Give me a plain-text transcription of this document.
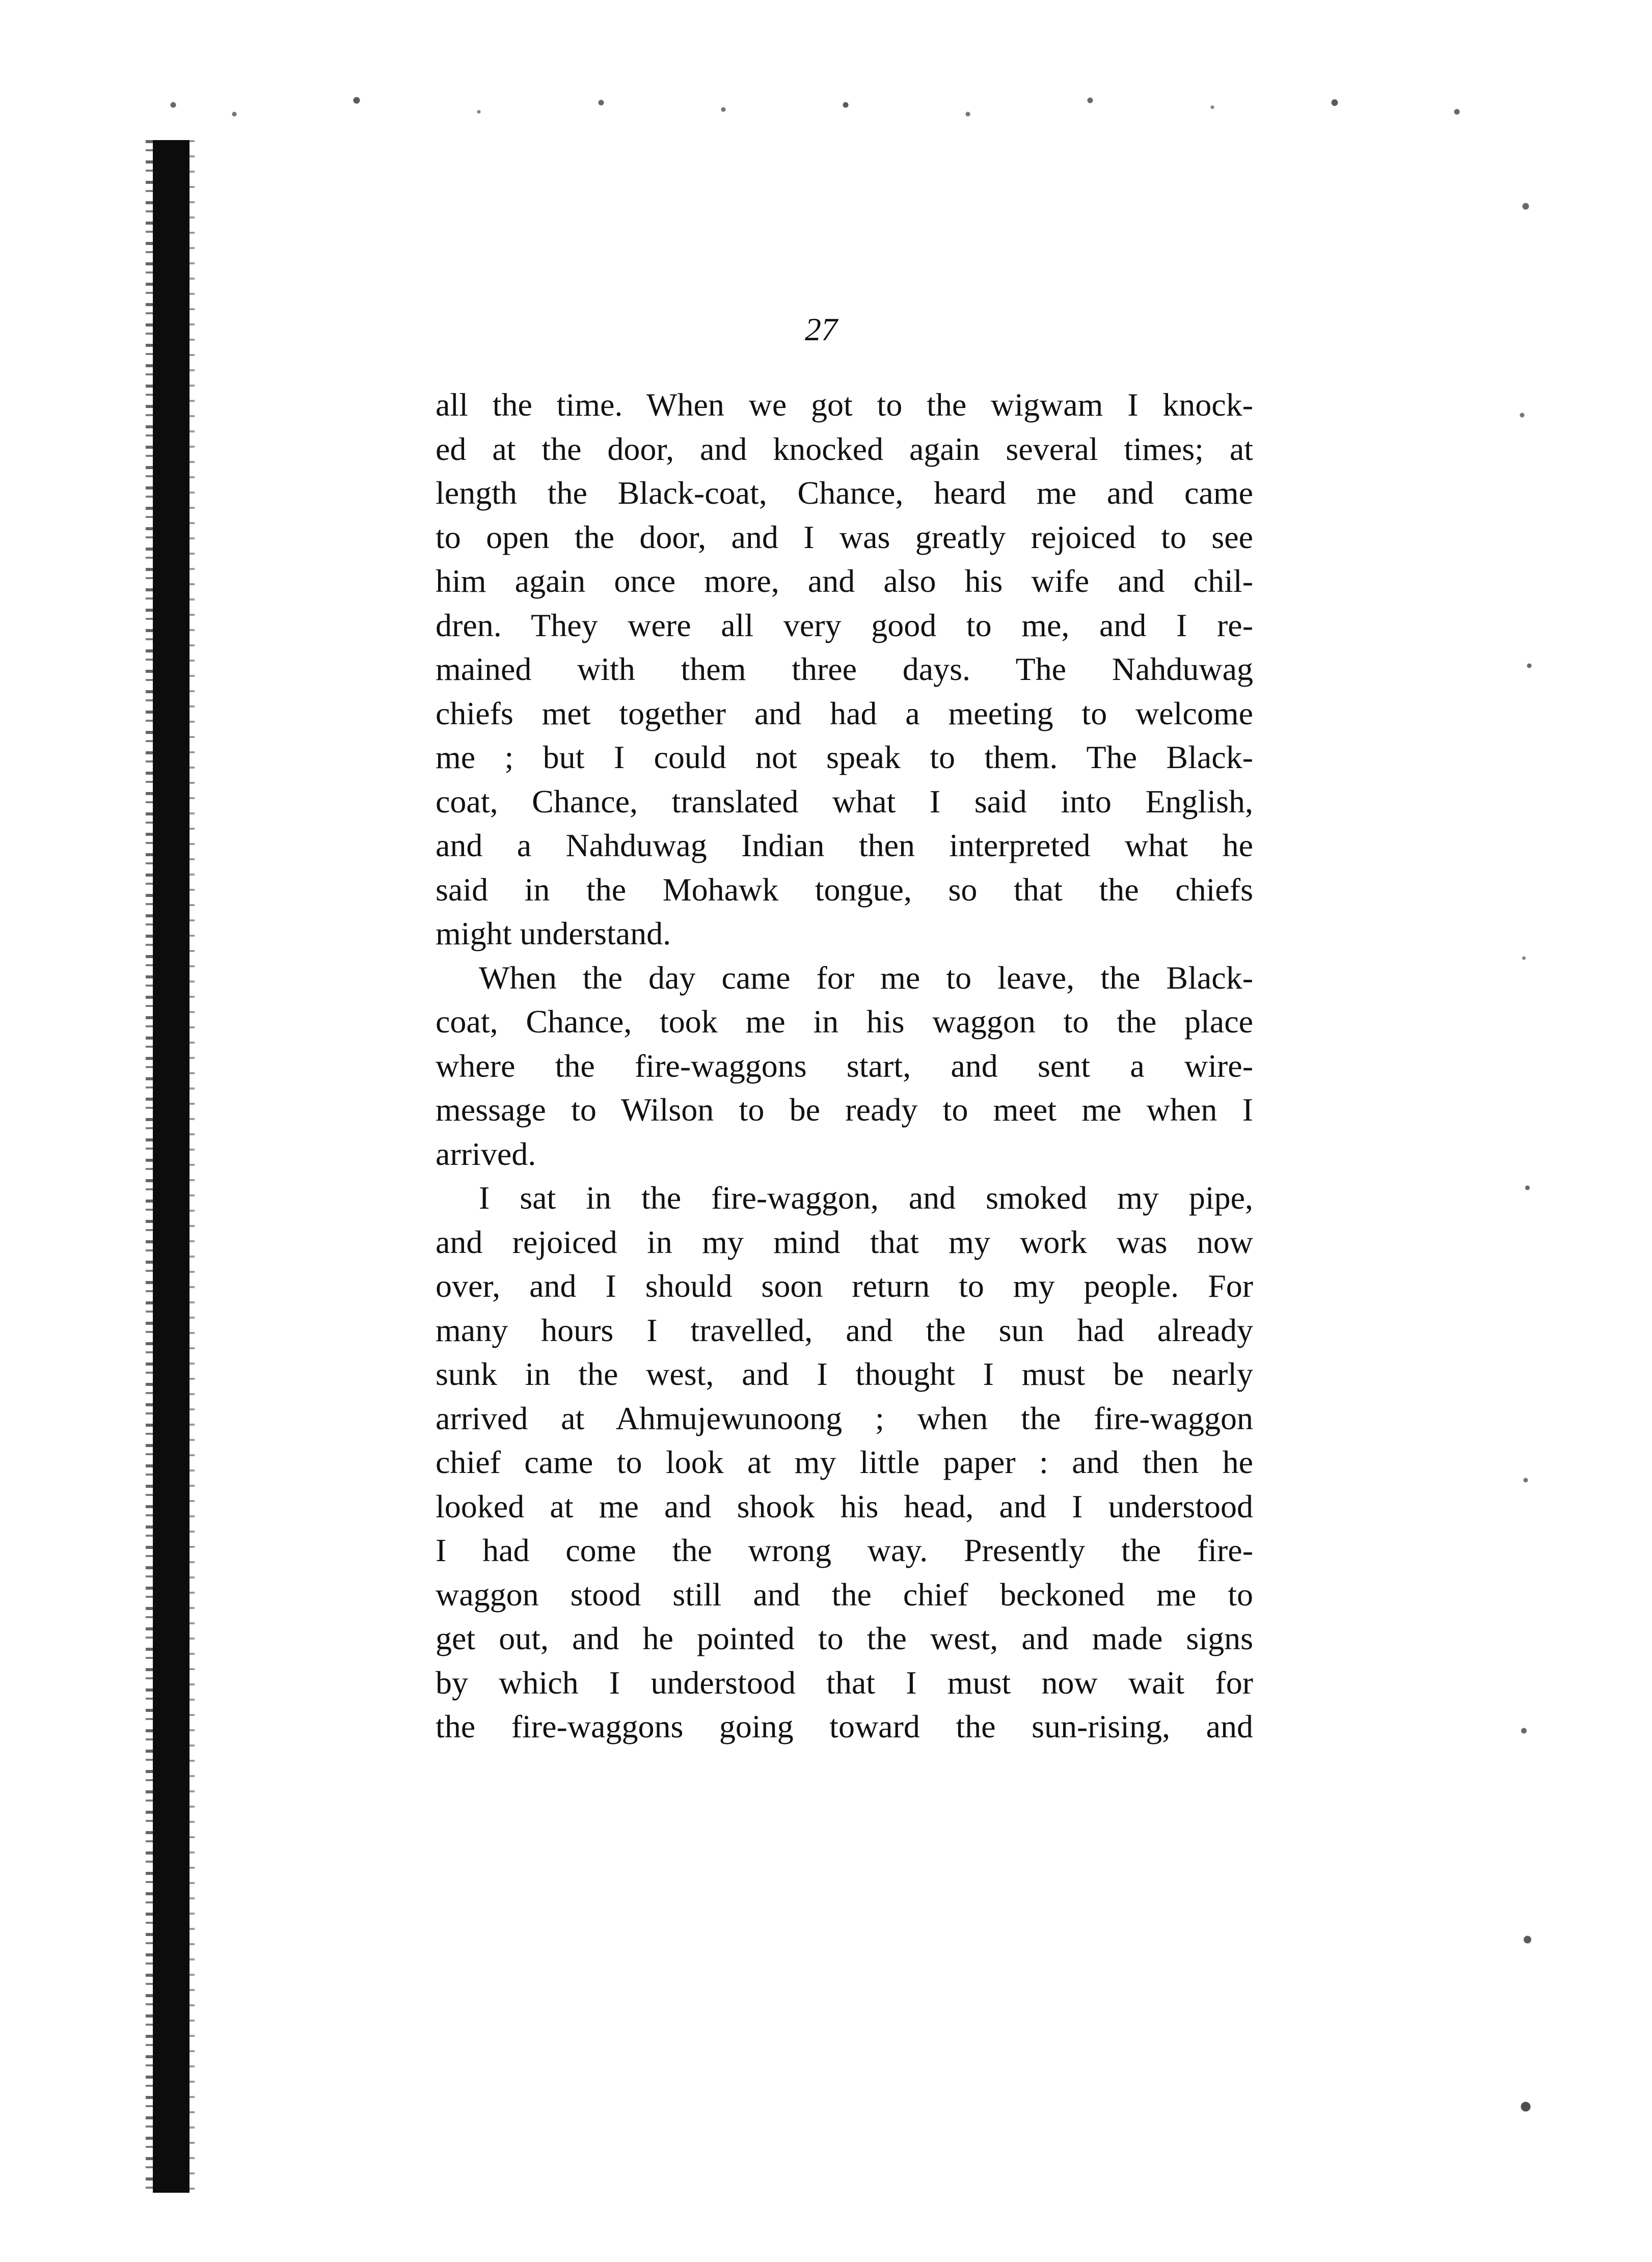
27
all the time. When we got to the wigwam I knock-
ed at the door, and knocked again several times; at
length the Black-coat, Chance, heard me and came
to open the door, and I was greatly rejoiced to see
him again once more, and also his wife and chil-
dren. They were all very good to me, and I re-
mained with them three days. The Nahduwag
chiefs met together and had a meeting to welcome
me ; but I could not speak to them. The Black-
coat, Chance, translated what I said into English,
and a Nahduwag Indian then interpreted what he
said in the Mohawk tongue, so that the chiefs
might understand.
When the day came for me to leave, the Black-
coat, Chance, took me in his waggon to the place
where the fire-waggons start, and sent a wire-
message to Wilson to be ready to meet me when I
arrived.
I sat in the fire-waggon, and smoked my pipe,
and rejoiced in my mind that my work was now
over, and I should soon return to my people. For
many hours I travelled, and the sun had already
sunk in the west, and I thought I must be nearly
arrived at Ahmujewunoong ; when the fire-waggon
chief came to look at my little paper : and then he
looked at me and shook his head, and I understood
I had come the wrong way. Presently the fire-
waggon stood still and the chief beckoned me to
get out, and he pointed to the west, and made signs
by which I understood that I must now wait for
the fire-waggons going toward the sun-rising, and
